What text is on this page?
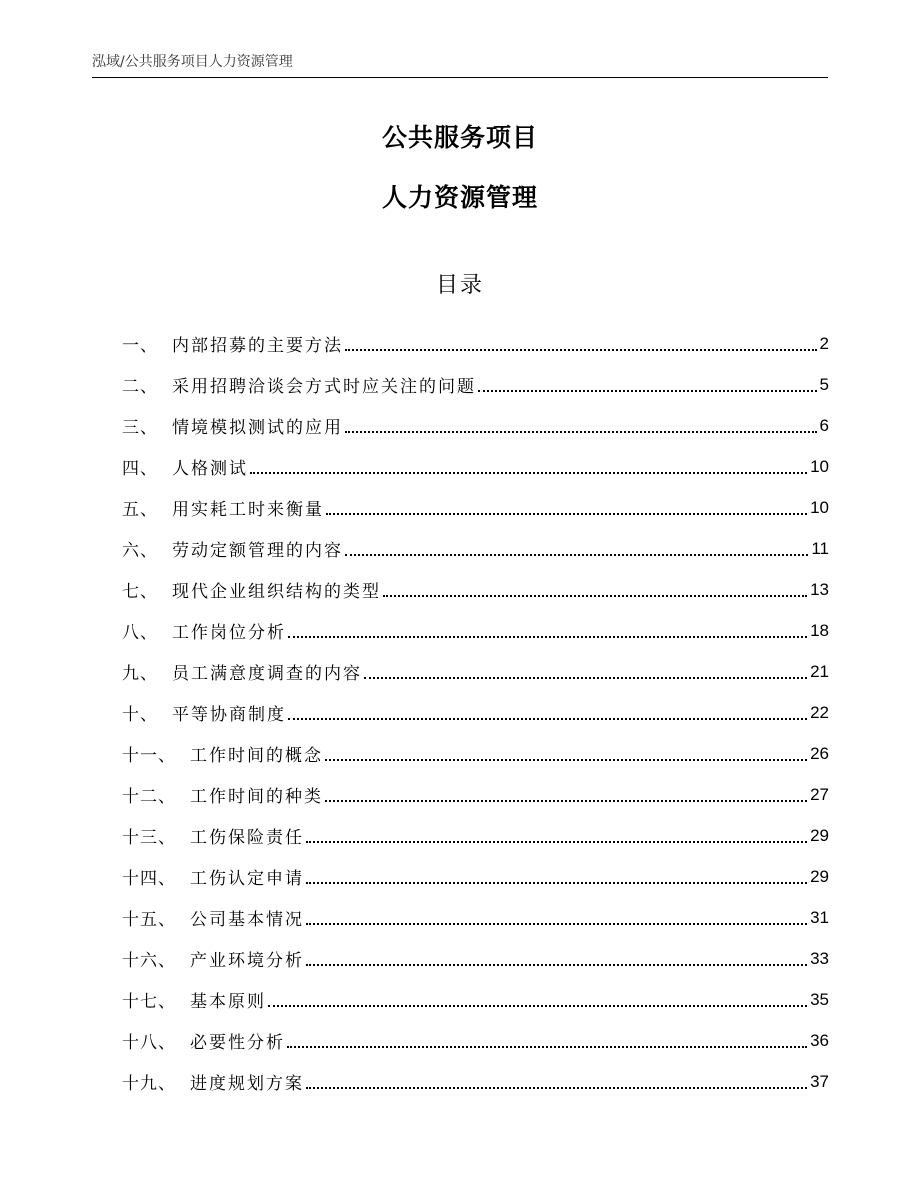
泓域/公共服务项目人力资源管理
公共服务项目
人力资源管理
目录
一、 内部招募的主要方法	2
二、 采用招聘洽谈会方式时应关注的问题	5
三、 情境模拟测试的应用	6
四、 人格测试	10
五、 用实耗工时来衡量	10
六、 劳动定额管理的内容	11
七、 现代企业组织结构的类型	13
八、 工作岗位分析	18
九、 员工满意度调查的内容	21
十、 平等协商制度	22
十一、 工作时间的概念	26
十二、 工作时间的种类	27
十三、 工伤保险责任	29
十四、 工伤认定申请	29
十五、 公司基本情况	31
十六、 产业环境分析	33
十七、 基本原则	35
十八、 必要性分析	36
十九、 进度规划方案	37
